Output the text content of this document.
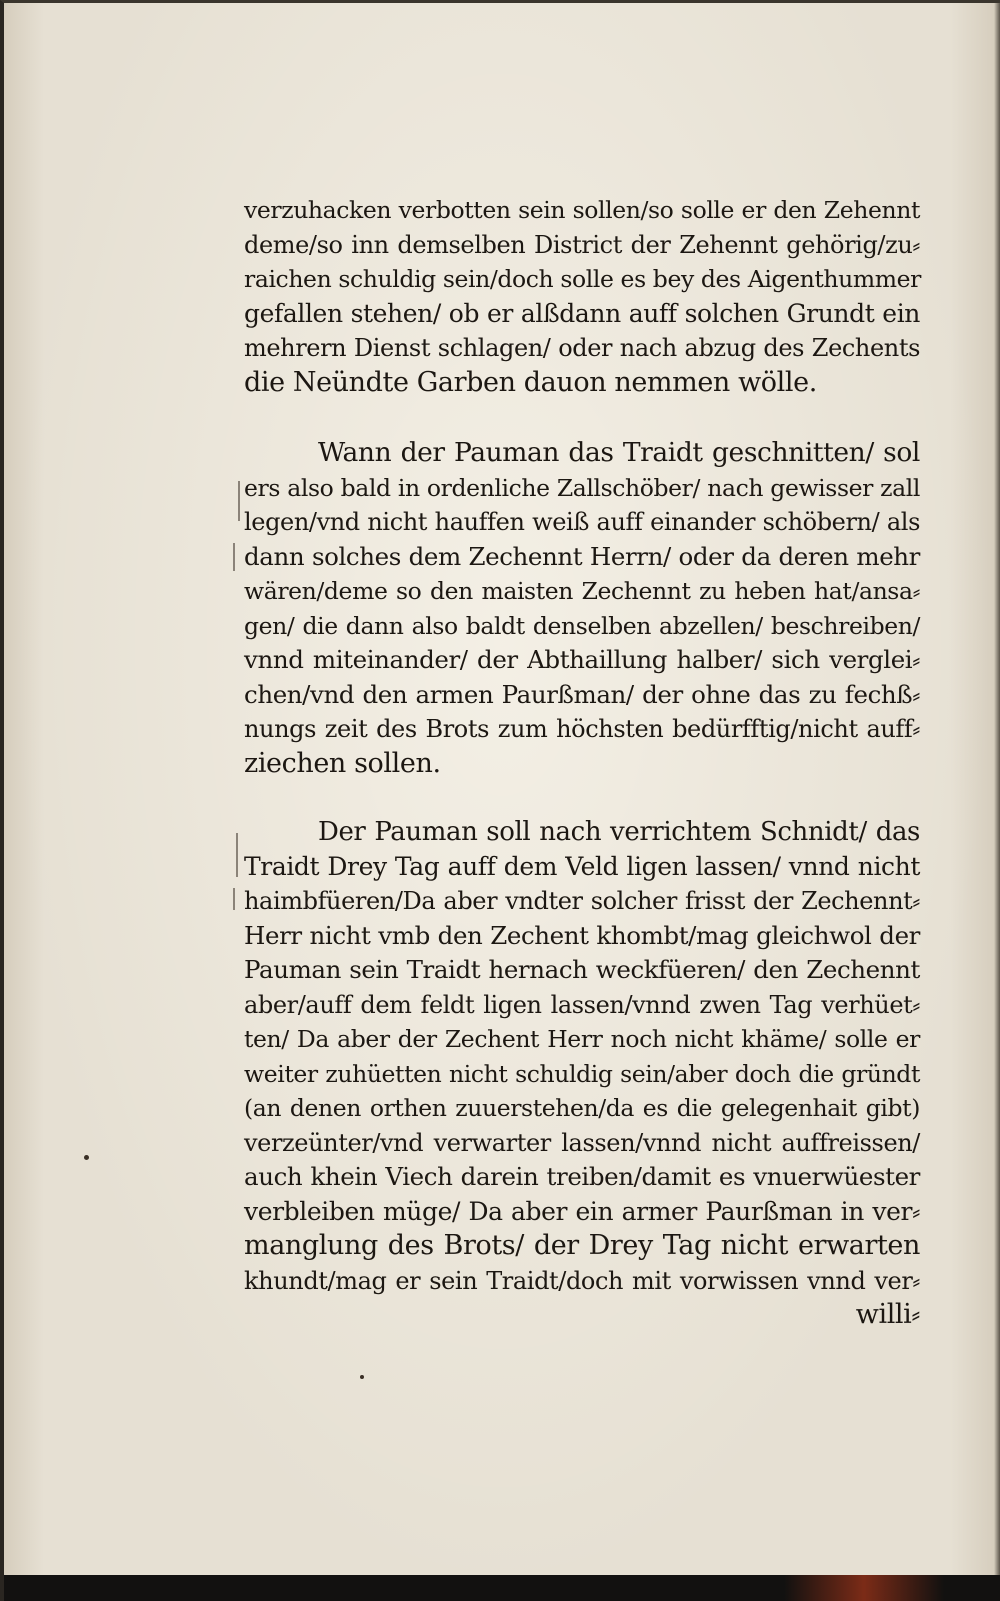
verzuhacken verbotten sein sollen/so solle er den Zehennt
deme/so inn demselben District der Zehennt gehörig/zu⸗
raichen schuldig sein/doch solle es bey des Aigenthummer
gefallen stehen/ ob er alßdann auff solchen Grundt ein
mehrern Dienst schlagen/ oder nach abzug des Zechents
die Neündte Garben dauon nemmen wölle.
Wann der Pauman das Traidt geschnitten/ sol
ers also bald in ordenliche Zallschöber/ nach gewisser zall
legen/vnd nicht hauffen weiß auff einander schöbern/ als
dann solches dem Zechennt Herrn/ oder da deren mehr
wären/deme so den maisten Zechennt zu heben hat/ansa⸗
gen/ die dann also baldt denselben abzellen/ beschreiben/
vnnd miteinander/ der Abthaillung halber/ sich verglei⸗
chen/vnd den armen Paurßman/ der ohne das zu fechß⸗
nungs zeit des Brots zum höchsten bedürfftig/nicht auff⸗
ziechen sollen.
Der Pauman soll nach verrichtem Schnidt/ das
Traidt Drey Tag auff dem Veld ligen lassen/ vnnd nicht
haimbfüeren/Da aber vndter solcher frisst der Zechennt⸗
Herr nicht vmb den Zechent khombt/mag gleichwol der
Pauman sein Traidt hernach weckfüeren/ den Zechennt
aber/auff dem feldt ligen lassen/vnnd zwen Tag verhüet⸗
ten/ Da aber der Zechent Herr noch nicht khäme/ solle er
weiter zuhüetten nicht schuldig sein/aber doch die gründt
(an denen orthen zuuerstehen/da es die gelegenhait gibt)
verzeünter/vnd verwarter lassen/vnnd nicht auffreissen/
auch khein Viech darein treiben/damit es vnuerwüester
verbleiben müge/ Da aber ein armer Paurßman in ver⸗
manglung des Brots/ der Drey Tag nicht erwarten
khundt/mag er sein Traidt/doch mit vorwissen vnnd ver⸗
willi⸗
